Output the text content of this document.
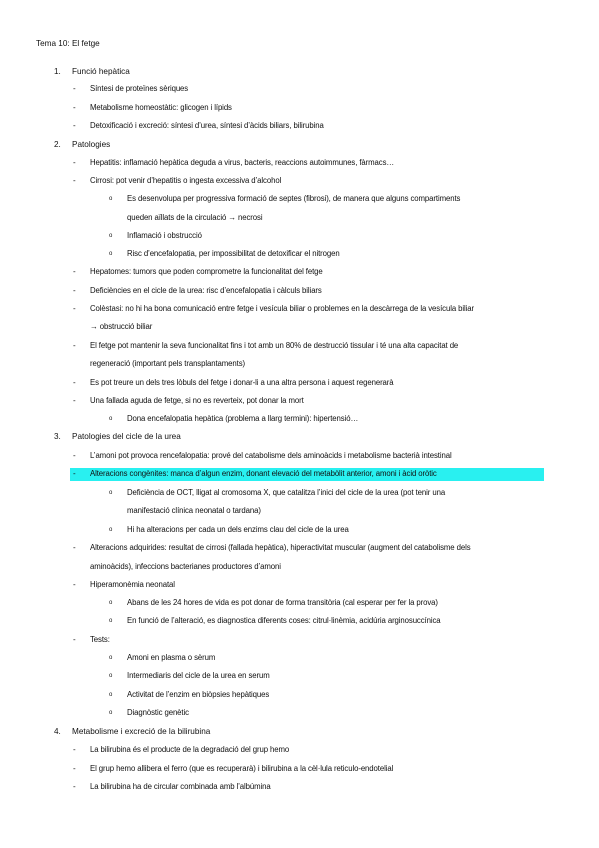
Tema 10: El fetge
1. Funció hepàtica
- Síntesi de proteïnes sèriques
- Metabolisme homeostàtic: glicogen i lípids
- Detoxificació i excreció: síntesi d’urea, síntesi d’àcids biliars, bilirubina
2. Patologies
- Hepatitis: inflamació hepàtica deguda a virus, bacteris, reaccions autoimmunes, fàrmacs…
- Cirrosi: pot venir d’hepatitis o ingesta excessiva d’alcohol
o Es desenvolupa per progressiva formació de septes (fibrosi), de manera que alguns compartiments
queden aïllats de la circulació → necrosi
o Inflamació i obstrucció
o Risc d’encefalopatia, per impossibilitat de detoxificar el nitrogen
- Hepatomes: tumors que poden comprometre la funcionalitat del fetge
- Deficiències en el cicle de la urea: risc d’encefalopatia i càlculs biliars
- Colèstasi: no hi ha bona comunicació entre fetge i vesícula biliar o problemes en la descàrrega de la vesícula biliar
→ obstrucció biliar
- El fetge pot mantenir la seva funcionalitat fins i tot amb un 80% de destrucció tissular i té una alta capacitat de
regeneració (important pels transplantaments)
- Es pot treure un dels tres lòbuls del fetge i donar-li a una altra persona i aquest regenerarà
- Una fallada aguda de fetge, si no es reverteix, pot donar la mort
o Dona encefalopatia hepàtica (problema a llarg termini): hipertensió…
3. Patologies del cicle de la urea
- L’amoni pot provoca rencefalopatia: prové del catabolisme dels aminoàcids i metabolisme bacterià intestinal
- Alteracions congènites: manca d’algun enzim, donant elevació del metabòlit anterior, amoni i àcid oròtic
o Deficiència de OCT, lligat al cromosoma X, que catalitza l’inici del cicle de la urea (pot tenir una
manifestació clínica neonatal o tardana)
o Hi ha alteracions per cada un dels enzims clau del cicle de la urea
- Alteracions adquirides: resultat de cirrosi (fallada hepàtica), hiperactivitat muscular (augment del catabolisme dels
aminoàcids), infeccions bacterianes productores d’amoni
- Hiperamonèmia neonatal
o Abans de les 24 hores de vida es pot donar de forma transitòria (cal esperar per fer la prova)
o En funció de l’alteració, es diagnostica diferents coses: citrul·linèmia, acidúria arginosuccínica
- Tests:
o Amoni en plasma o sèrum
o Intermediaris del cicle de la urea en serum
o Activitat de l’enzim en biòpsies hepàtiques
o Diagnòstic genètic
4. Metabolisme i excreció de la bilirubina
- La bilirubina és el producte de la degradació del grup hemo
- El grup hemo allibera el ferro (que es recuperarà) i bilirubina a la cèl·lula reticulo-endotelial
- La bilirubina ha de circular combinada amb l’albúmina
